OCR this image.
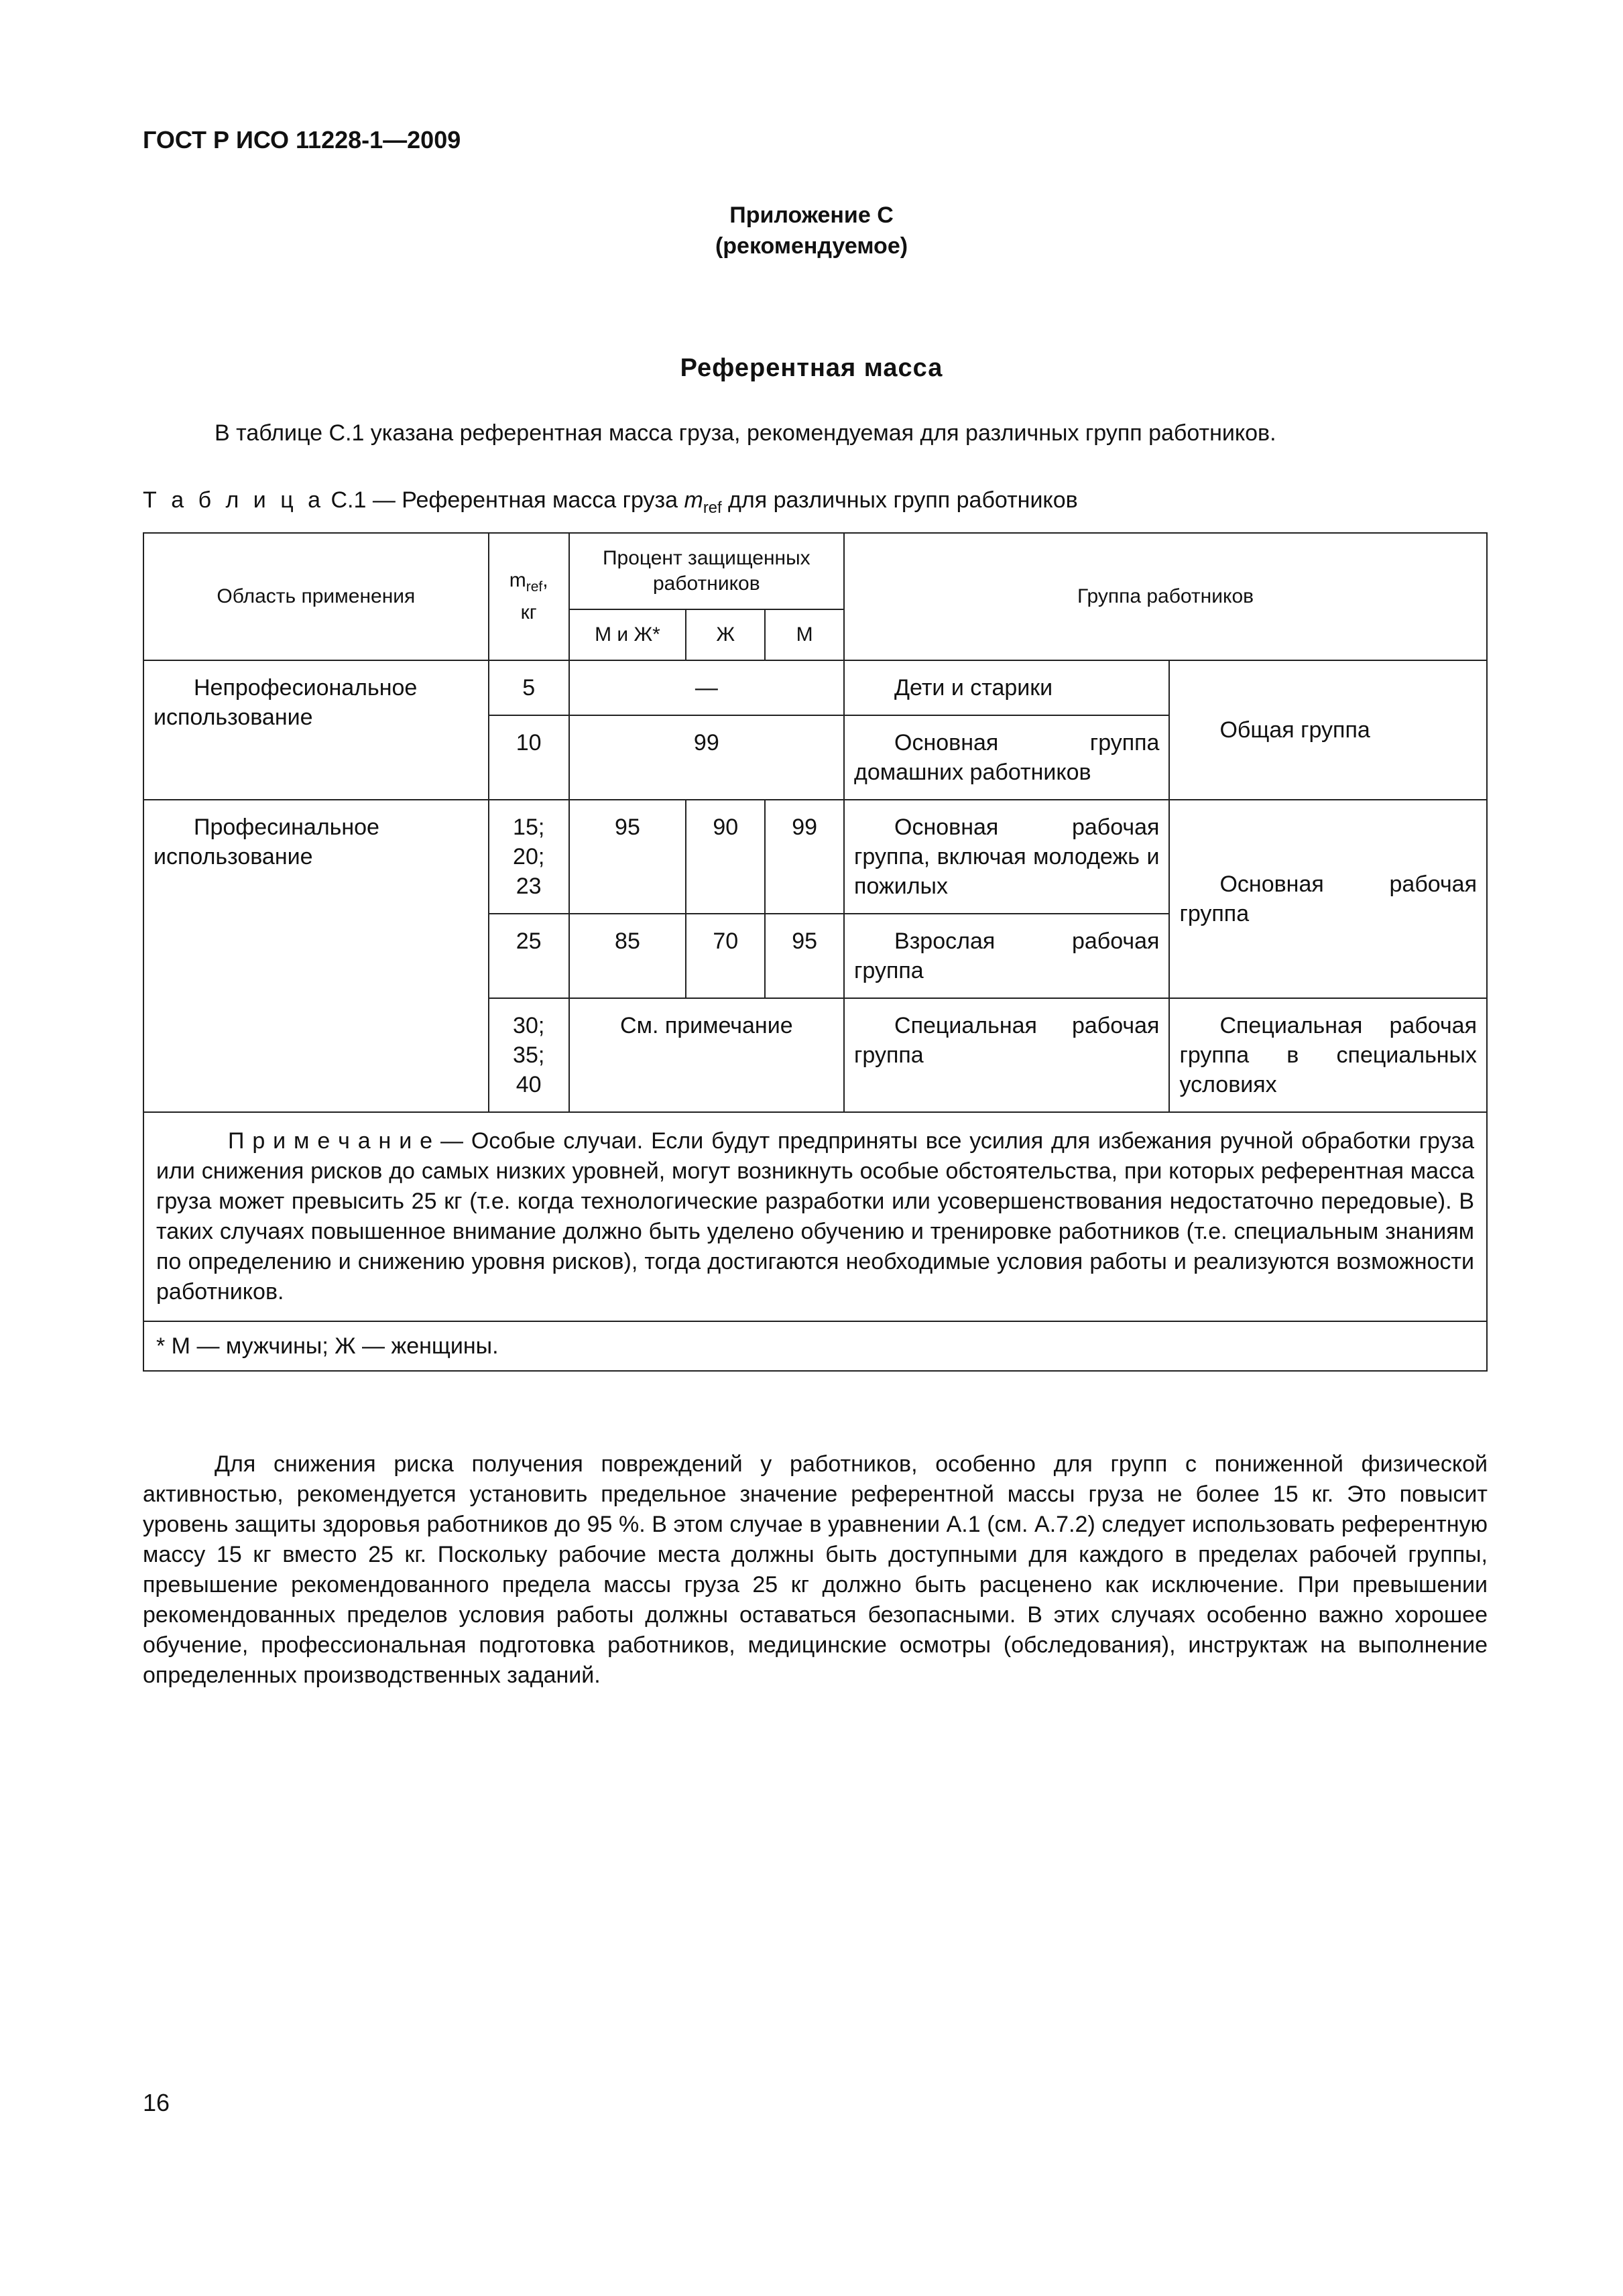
ГОСТ Р ИСО 11228-1—2009
Приложение С
(рекомендуемое)
Референтная масса
В таблице С.1 указана референтная масса груза, рекомендуемая для различных групп работников.
Т а б л и ц а С.1 — Референтная масса груза $m_{ref}$ для различных групп работников
Область применения	$m_{ref}$, кг	Процент защищенных работников			Группа работников	
		М и Ж*	Ж	М		
Непрофесиональное использование	5	—			Дети и старики	Общая группа
	10	99			Основная группа домашних работников	
Професинальное использование	15; 20; 23	95	90	99	Основная рабочая группа, включая молодежь и пожилых	Основная рабочая группа
	25	85	70	95	Взрослая рабочая группа	
	30; 35; 40	См. примечание			Специальная рабочая группа	Специальная рабочая группа в специальных условиях
П р и м е ч а н и е — Особые случаи. Если будут предприняты все усилия для избежания ручной обработки груза или снижения рисков до самых низких уровней, могут возникнуть особые обстоятельства, при которых референтная масса груза может превысить 25 кг (т.е. когда технологические разработки или усовершенствования недостаточно передовые). В таких случаях повышенное внимание должно быть уделено обучению и тренировке работников (т.е. специальным знаниям по определению и снижению уровня рисков), тогда достигаются необходимые условия работы и реализуются возможности работников.						
* М — мужчины; Ж — женщины.						

Для снижения риска получения повреждений у работников, особенно для групп с пониженной физической активностью, рекомендуется установить предельное значение референтной массы груза не более 15 кг. Это повысит уровень защиты здоровья работников до 95 %. В этом случае в уравнении А.1 (см. А.7.2) следует использовать референтную массу 15 кг вместо 25 кг. Поскольку рабочие места должны быть доступными для каждого в пределах рабочей группы, превышение рекомендованного предела массы груза 25 кг должно быть расценено как исключение. При превышении рекомендованных пределов условия работы должны оставаться безопасными. В этих случаях особенно важно хорошее обучение, профессиональная подготовка работников, медицинские осмотры (обследования), инструктаж на выполнение определенных производственных заданий.

16
